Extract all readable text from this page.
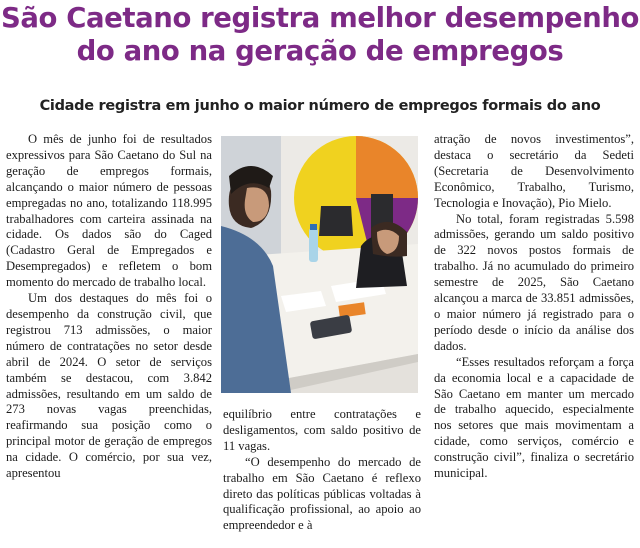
São Caetano registra melhor desempenho
do ano na geração de empregos
Cidade registra em junho o maior número de empregos formais do ano

O mês de junho foi de resultados expressivos para São Caetano do Sul na geração de empregos formais, alcançando o maior número de pessoas empregadas no ano, totalizando 118.995 trabalhadores com carteira assinada na cidade. Os dados são do Caged (Cadastro Geral de Empregados e Desempregados) e refletem o bom momento do mercado de trabalho local.

Um dos destaques do mês foi o desempenho da construção civil, que registrou 713 admissões, o maior número de contratações no setor desde abril de 2024. O setor de serviços também se destacou, com 3.842 admissões, resultando em um saldo de 273 novas vagas preenchidas, reafirmando sua posição como o principal motor de geração de empregos na cidade. O comércio, por sua vez, apresentou

equilíbrio entre contratações e desligamentos, com saldo positivo de 11 vagas.

“O desempenho do mercado de trabalho em São Caetano é reflexo direto das políticas públicas voltadas à qualificação profissional, ao apoio ao empreendedor e à

atração de novos investimentos”, destaca o secretário da Sedeti (Secretaria de Desenvolvimento Econômico, Trabalho, Turismo, Tecnologia e Inovação), Pio Mielo.

No total, foram registradas 5.598 admissões, gerando um saldo positivo de 322 novos postos formais de trabalho. Já no acumulado do primeiro semestre de 2025, São Caetano alcançou a marca de 33.851 admissões, o maior número já registrado para o período desde o início da análise dos dados.

“Esses resultados reforçam a força da economia local e a capacidade de São Caetano em manter um mercado de trabalho aquecido, especialmente nos setores que mais movimentam a cidade, como serviços, comércio e construção civil”, finaliza o secretário municipal.
